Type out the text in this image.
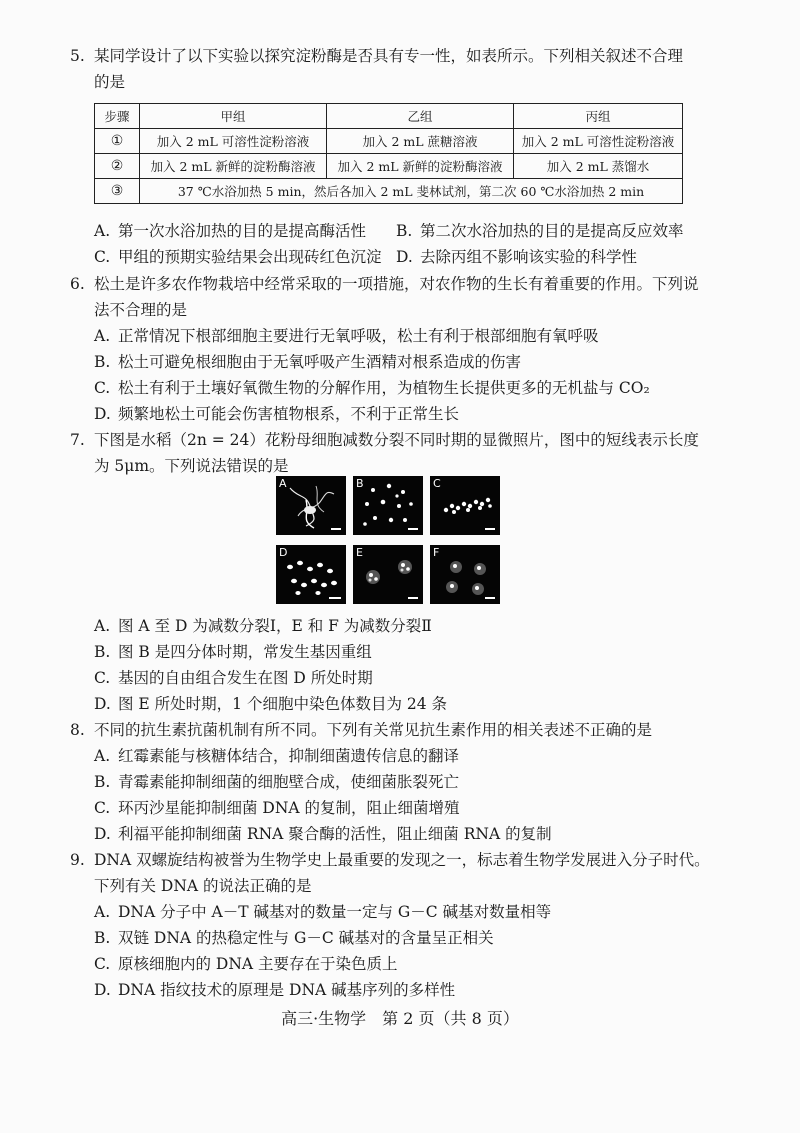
5. 某同学设计了以下实验以探究淀粉酶是否具有专一性，如表所示。下列相关叙述不合理
的是
步骤	甲组	乙组	丙组
①	加入 2 mL 可溶性淀粉溶液	加入 2 mL 蔗糖溶液	加入 2 mL 可溶性淀粉溶液
②	加入 2 mL 新鲜的淀粉酶溶液	加入 2 mL 新鲜的淀粉酶溶液	加入 2 mL 蒸馏水
③	37 ℃水浴加热 5 min，然后各加入 2 mL 斐林试剂，第二次 60 ℃水浴加热 2 min		
A. 第一次水浴加热的目的是提高酶活性 B. 第二次水浴加热的目的是提高反应效率
C. 甲组的预期实验结果会出现砖红色沉淀 D. 去除丙组不影响该实验的科学性
6. 松土是许多农作物栽培中经常采取的一项措施，对农作物的生长有着重要的作用。下列说
法不合理的是
A. 正常情况下根部细胞主要进行无氧呼吸，松土有利于根部细胞有氧呼吸
B. 松土可避免根细胞由于无氧呼吸产生酒精对根系造成的伤害
C. 松土有利于土壤好氧微生物的分解作用，为植物生长提供更多的无机盐与 CO₂
D. 频繁地松土可能会伤害植物根系，不利于正常生长
7. 下图是水稻（2n = 24）花粉母细胞减数分裂不同时期的显微照片，图中的短线表示长度
为 5μm。下列说法错误的是
A	B	C
D	E	F
A. 图 A 至 D 为减数分裂Ⅰ，E 和 F 为减数分裂Ⅱ
B. 图 B 是四分体时期，常发生基因重组
C. 基因的自由组合发生在图 D 所处时期
D. 图 E 所处时期，1 个细胞中染色体数目为 24 条
8. 不同的抗生素抗菌机制有所不同。下列有关常见抗生素作用的相关表述不正确的是
A. 红霉素能与核糖体结合，抑制细菌遗传信息的翻译
B. 青霉素能抑制细菌的细胞壁合成，使细菌胀裂死亡
C. 环丙沙星能抑制细菌 DNA 的复制，阻止细菌增殖
D. 利福平能抑制细菌 RNA 聚合酶的活性，阻止细菌 RNA 的复制
9. DNA 双螺旋结构被誉为生物学史上最重要的发现之一，标志着生物学发展进入分子时代。
下列有关 DNA 的说法正确的是
A. DNA 分子中 A－T 碱基对的数量一定与 G－C 碱基对数量相等
B. 双链 DNA 的热稳定性与 G－C 碱基对的含量呈正相关
C. 原核细胞内的 DNA 主要存在于染色质上
D. DNA 指纹技术的原理是 DNA 碱基序列的多样性
高三·生物学　第 2 页（共 8 页）
